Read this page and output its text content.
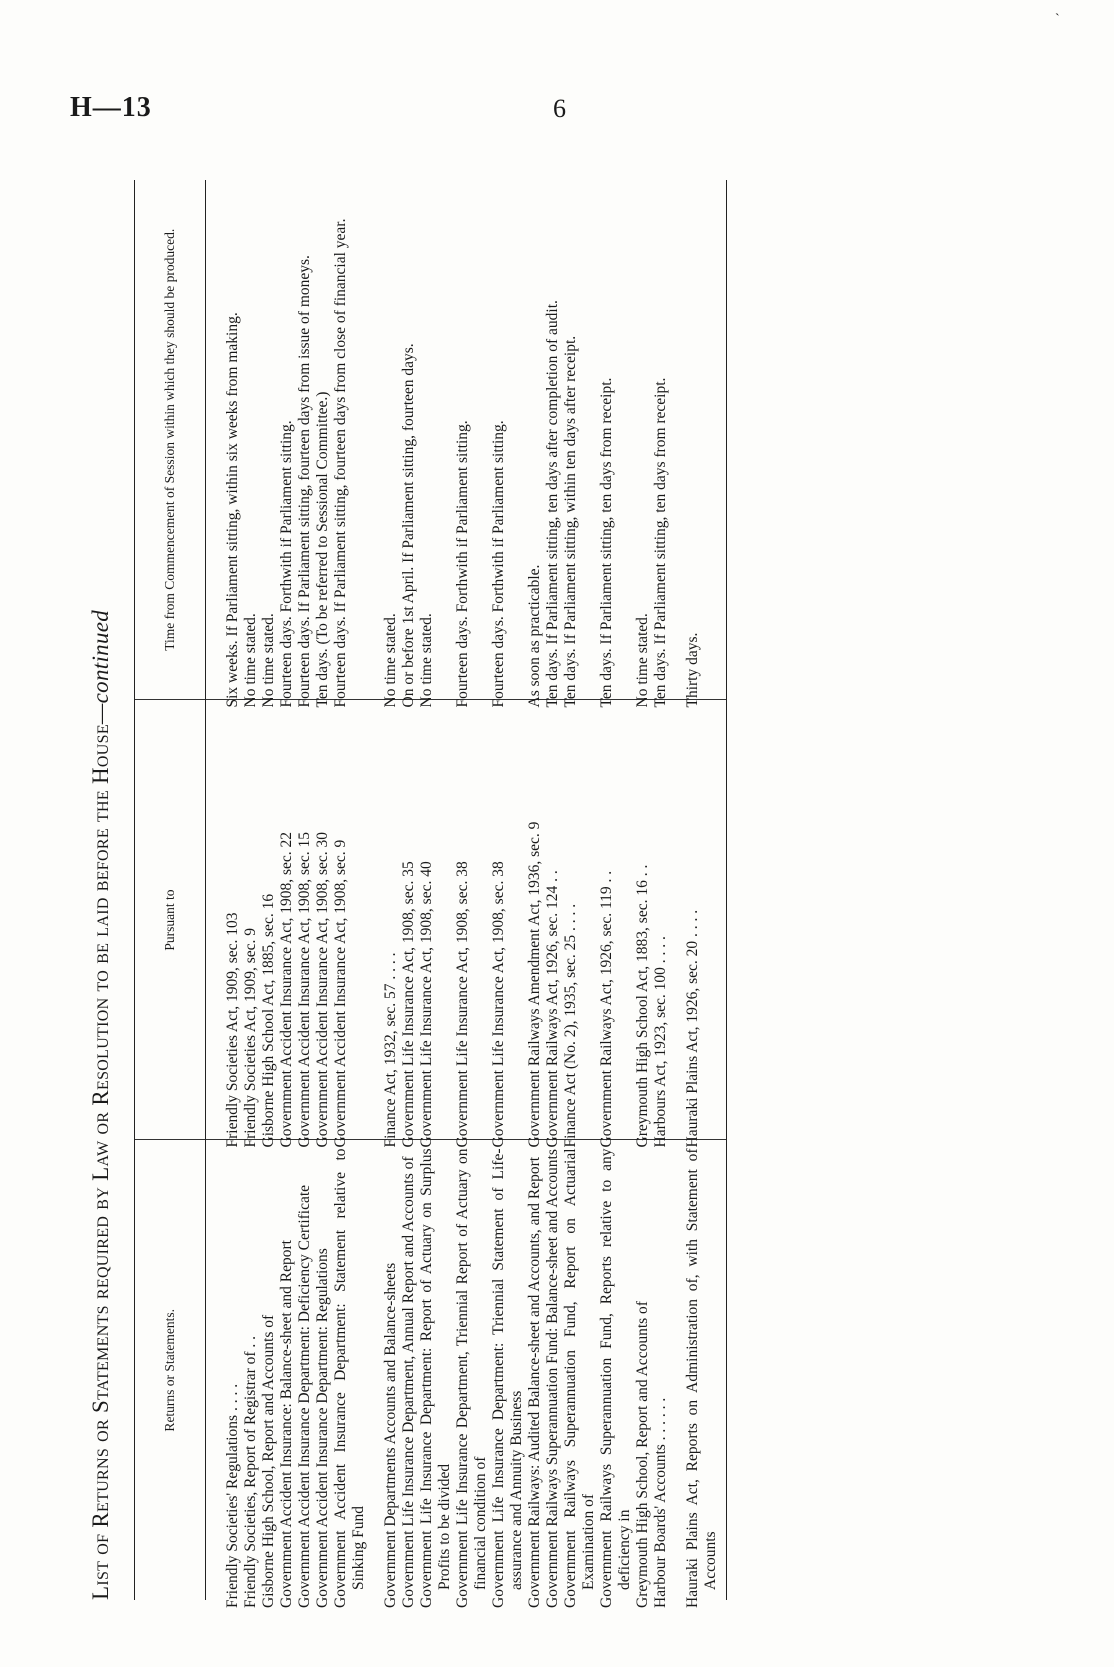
`
H—13	6
List of Returns or Statements required by Law or Resolution to be laid before the House—continued
Returns or Statements.	Pursuant to	Time from Commencement of Session within which they should be produced.
Friendly Societies' Regulations . . . .	Friendly Societies Act, 1909, sec. 103	Six weeks. If Parliament sitting, within six weeks from making.
Friendly Societies, Report of Registrar of . .	Friendly Societies Act, 1909, sec. 9	No time stated.
Gisborne High School, Report and Accounts of	Gisborne High School Act, 1885, sec. 16	No time stated.
Government Accident Insurance: Balance-sheet and Report	Government Accident Insurance Act, 1908, sec. 22	Fourteen days. Forthwith if Parliament sitting.
Government Accident Insurance Department: Deficiency Certificate	Government Accident Insurance Act, 1908, sec. 15	Fourteen days. If Parliament sitting, fourteen days from issue of moneys.
Government Accident Insurance Department: Regulations	Government Accident Insurance Act, 1908, sec. 30	Ten days. (To be referred to Sessional Committee.)
Government Accident Insurance Department: Statement relative to Sinking Fund	Government Accident Insurance Act, 1908, sec. 9	Fourteen days. If Parliament sitting, fourteen days from close of financial year.
Government Departments Accounts and Balance-sheets	Finance Act, 1932, sec. 57 . . . .	No time stated.
Government Life Insurance Department, Annual Report and Accounts of	Government Life Insurance Act, 1908, sec. 35	On or before 1st April. If Parliament sitting, fourteen days.
Government Life Insurance Department: Report of Actuary on Surplus Profits to be divided	Government Life Insurance Act, 1908, sec. 40	No time stated.
Government Life Insurance Department, Triennial Report of Actuary on financial condition of	Government Life Insurance Act, 1908, sec. 38	Fourteen days. Forthwith if Parliament sitting.
Government Life Insurance Department: Triennial Statement of Life-assurance and Annuity Business	Government Life Insurance Act, 1908, sec. 38	Fourteen days. Forthwith if Parliament sitting.
Government Railways: Audited Balance-sheet and Accounts, and Report	Government Railways Amendment Act, 1936, sec. 9	As soon as practicable.
Government Railways Superannuation Fund: Balance-sheet and Accounts	Government Railways Act, 1926, sec. 124 . .	Ten days. If Parliament sitting, ten days after completion of audit.
Government Railways Superannuation Fund, Report on Actuarial Examination of	Finance Act (No. 2), 1935, sec. 25 . . . .	Ten days. If Parliament sitting, within ten days after receipt.
Government Railways Superannuation Fund, Reports relative to any deficiency in	Government Railways Act, 1926, sec. 119 . .	Ten days. If Parliament sitting, ten days from receipt.
Greymouth High School, Report and Accounts of	Greymouth High School Act, 1883, sec. 16 . .	No time stated.
Harbour Boards' Accounts . . . . . .	Harbours Act, 1923, sec. 100 . . . .	Ten days. If Parliament sitting, ten days from receipt.
Hauraki Plains Act, Reports on Administration of, with Statement of Accounts	Hauraki Plains Act, 1926, sec. 20 . . . .	Thirty days.
